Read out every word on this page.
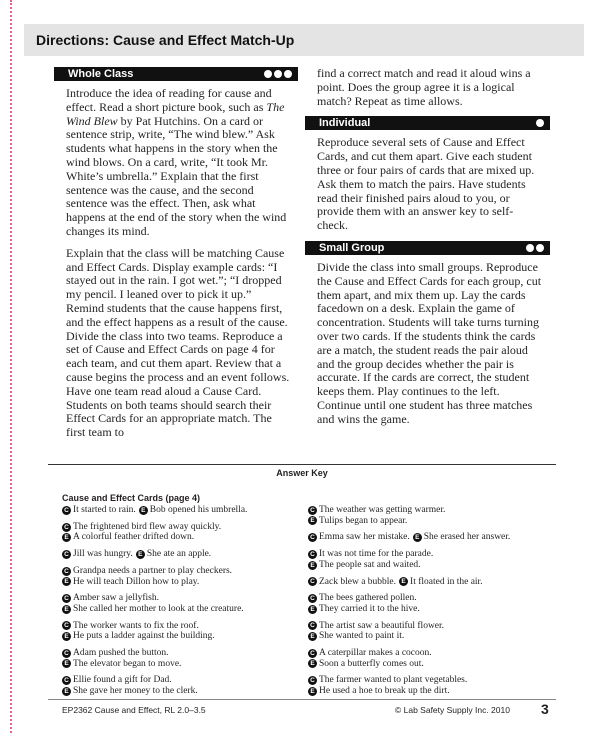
Directions: Cause and Effect Match-Up
Whole Class

Introduce the idea of reading for cause and effect. Read a short picture book, such as The Wind Blew by Pat Hutchins. On a card or sentence strip, write, “The wind blew.” Ask students what happens in the story when the wind blows. On a card, write, “It took Mr. White’s umbrella.” Explain that the first sentence was the cause, and the second sentence was the effect. Then, ask what happens at the end of the story when the wind changes its mind.

Explain that the class will be matching Cause and Effect Cards. Display example cards: “I stayed out in the rain. I got wet.”; “I dropped my pencil. I leaned over to pick it up.” Remind students that the cause happens first, and the effect happens as a result of the cause. Divide the class into two teams. Reproduce a set of Cause and Effect Cards on page 4 for each team, and cut them apart. Review that a cause begins the process and an event follows. Have one team read aloud a Cause Card. Students on both teams should search their Effect Cards for an appropriate match. The first team to

find a correct match and read it aloud wins a point. Does the group agree it is a logical match? Repeat as time allows.

Individual

Reproduce several sets of Cause and Effect Cards, and cut them apart. Give each student three or four pairs of cards that are mixed up. Ask them to match the pairs. Have students read their finished pairs aloud to you, or provide them with an answer key to self-check.

Small Group

Divide the class into small groups. Reproduce the Cause and Effect Cards for each group, cut them apart, and mix them up. Lay the cards facedown on a desk. Explain the game of concentration. Students will take turns turning over two cards. If the students think the cards are a match, the student reads the pair aloud and the group decides whether the pair is accurate. If the cards are correct, the student keeps them. Play continues to the left. Continue until one student has three matches and wins the game.

Answer Key
Cause and Effect Cards (page 4)
C It started to rain. E Bob opened his umbrella.
C The frightened bird flew away quickly.
E A colorful feather drifted down.
C Jill was hungry. E She ate an apple.
C Grandpa needs a partner to play checkers.
E He will teach Dillon how to play.
C Amber saw a jellyfish.
E She called her mother to look at the creature.
C The worker wants to fix the roof.
E He puts a ladder against the building.
C Adam pushed the button.
E The elevator began to move.
C Ellie found a gift for Dad.
E She gave her money to the clerk.
C The weather was getting warmer.
E Tulips began to appear.
C Emma saw her mistake. E She erased her answer.
C It was not time for the parade.
E The people sat and waited.
C Zack blew a bubble. E It floated in the air.
C The bees gathered pollen.
E They carried it to the hive.
C The artist saw a beautiful flower.
E She wanted to paint it.
C A caterpillar makes a cocoon.
E Soon a butterfly comes out.
C The farmer wanted to plant vegetables.
E He used a hoe to break up the dirt.
EP2362 Cause and Effect, RL 2.0–3.5	© Lab Safety Supply Inc. 2010 3
